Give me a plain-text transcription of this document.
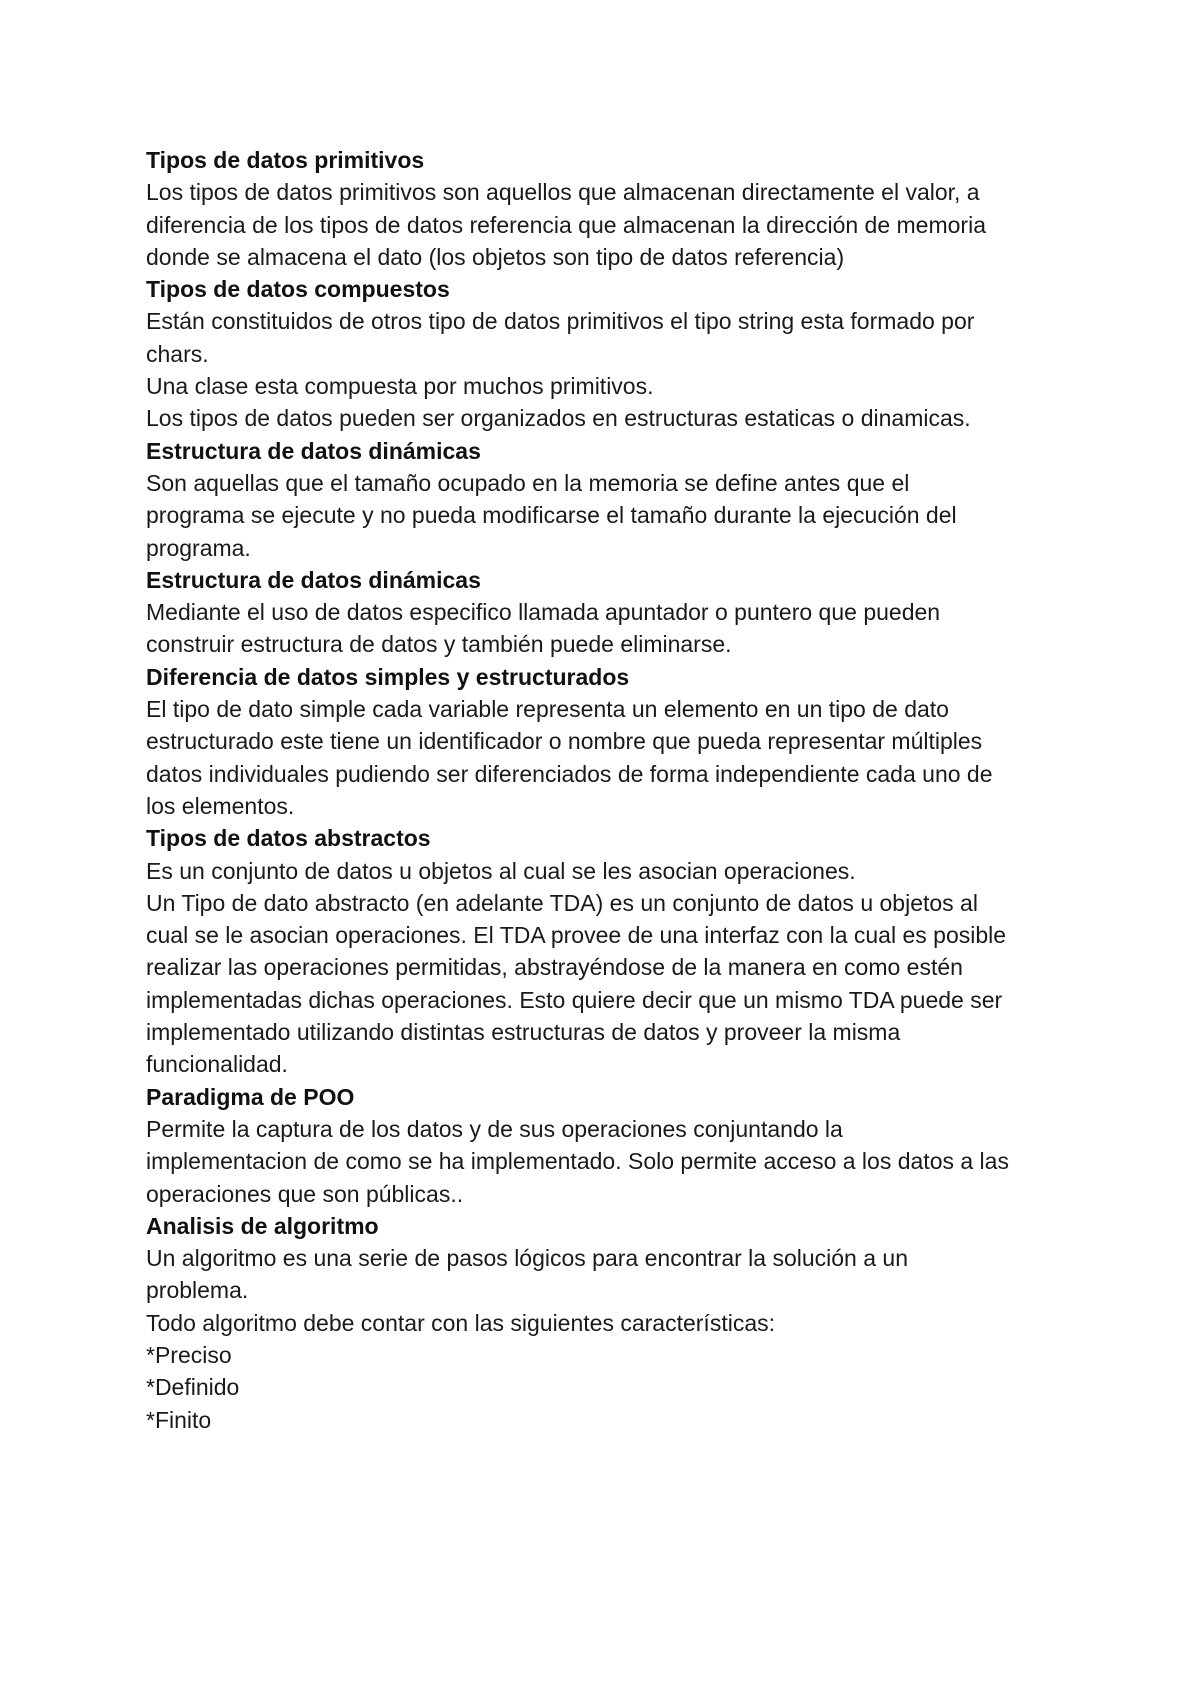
Tipos de datos primitivos
Los tipos de datos primitivos son aquellos que almacenan directamente el valor, a
diferencia de los tipos de datos referencia que almacenan la dirección de memoria
donde se almacena el dato (los objetos son tipo de datos referencia)
Tipos de datos compuestos
Están constituidos de otros tipo de datos primitivos el tipo string esta formado por
chars.
Una clase esta compuesta por muchos primitivos.
Los tipos de datos pueden ser organizados en estructuras estaticas o dinamicas.
Estructura de datos dinámicas
Son aquellas que el tamaño ocupado en la memoria se define antes que el
programa se ejecute y no pueda modificarse el tamaño durante la ejecución del
programa.
Estructura de datos dinámicas
Mediante el uso de datos especifico llamada apuntador o puntero que pueden
construir estructura de datos y también puede eliminarse.
Diferencia de datos simples y estructurados
El tipo de dato simple cada variable representa un elemento en un tipo de dato
estructurado este tiene un identificador o nombre que pueda representar múltiples
datos individuales pudiendo ser diferenciados de forma independiente cada uno de
los elementos.
Tipos de datos abstractos
Es un conjunto de datos u objetos al cual se les asocian operaciones.
Un Tipo de dato abstracto (en adelante TDA) es un conjunto de datos u objetos al
cual se le asocian operaciones. El TDA provee de una interfaz con la cual es posible
realizar las operaciones permitidas, abstrayéndose de la manera en como estén
implementadas dichas operaciones. Esto quiere decir que un mismo TDA puede ser
implementado utilizando distintas estructuras de datos y proveer la misma
funcionalidad.
Paradigma de POO
Permite la captura de los datos y de sus operaciones conjuntando la
implementacion de como se ha implementado. Solo permite acceso a los datos a las
operaciones que son públicas..
Analisis de algoritmo
Un algoritmo es una serie de pasos lógicos para encontrar la solución a un
problema.
Todo algoritmo debe contar con las siguientes características:
*Preciso
*Definido
*Finito
